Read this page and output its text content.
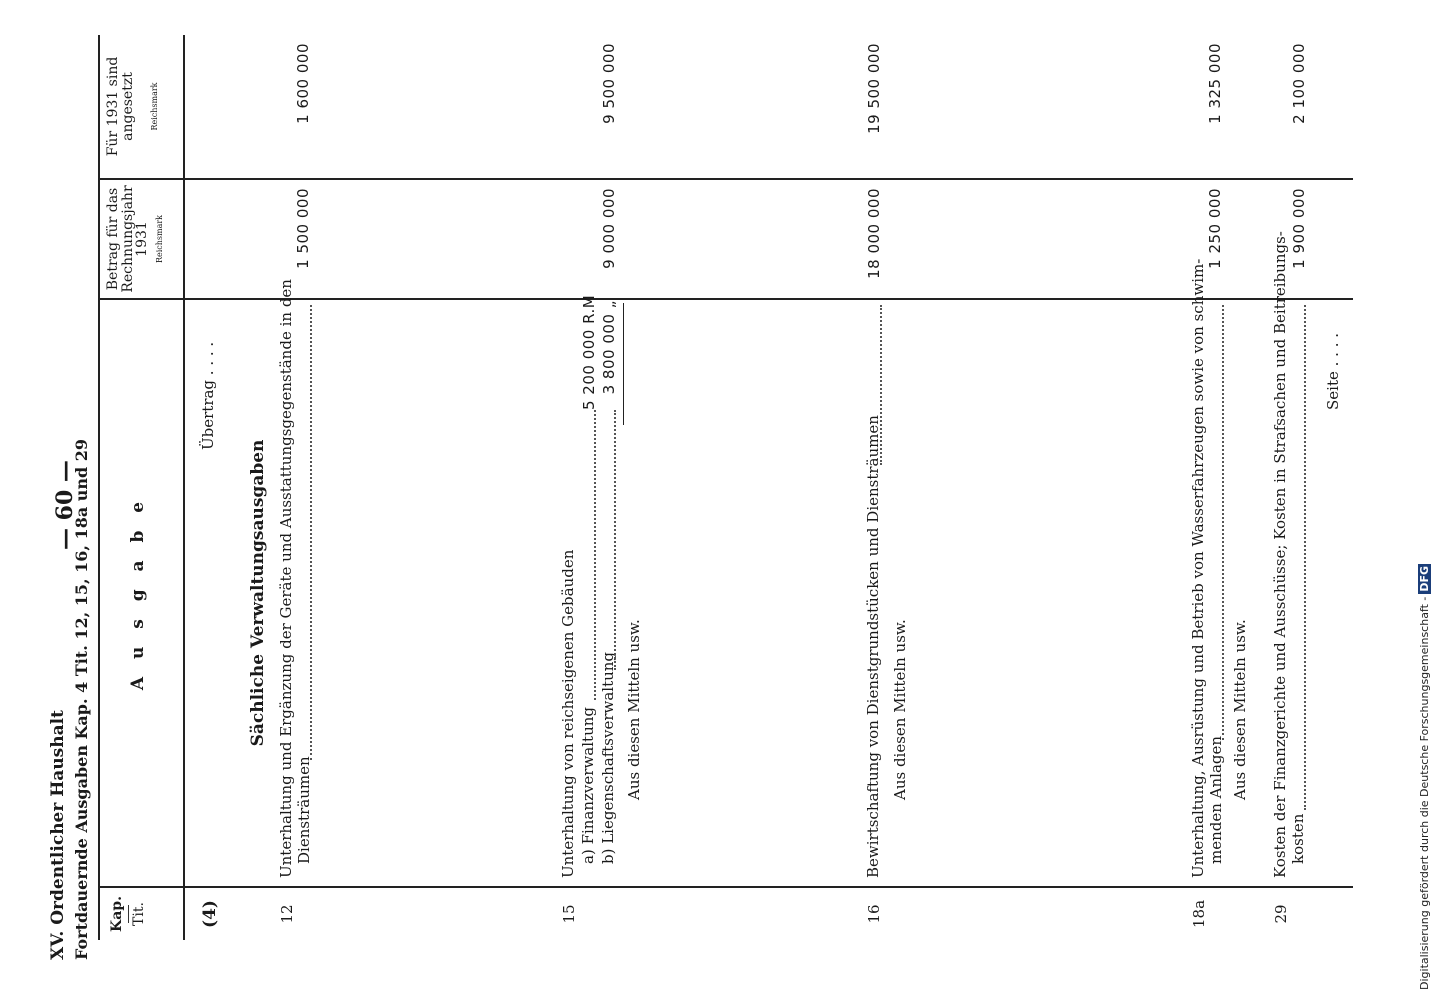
XV. Ordentlicher Haushalt Fortdauernde Ausgaben Kap. 4 Tit. 12, 15, 16, 18a und 29
— 60 —
Kap. Tit.
A u s g a b e
Betrag für das Rechnungsjahr 1931 Reichsmark
Für 1931 sind angesetzt Reichsmark
(4)
Übertrag . . . .
Sächliche Verwaltungsausgaben
12
Unterhaltung und Ergänzung der Geräte und Ausstattungsgegenstände in den Diensträumen
1 500 000
1 600 000
15
Unterhaltung von reichseigenen Gebäuden a) Finanzverwaltung
5 200 000 R.M
b) Liegenschaftsverwaltung
3 800 000 „
Aus diesen Mitteln usw.
9 000 000
9 500 000
16
Bewirtschaftung von Dienstgrundstücken und Diensträumen Aus diesen Mitteln usw.
18 000 000
19 500 000
18a
Unterhaltung, Ausrüstung und Betrieb von Wasserfahrzeugen sowie von schwim- menden Anlagen Aus diesen Mitteln usw.
1 250 000
1 325 000
29
Kosten der Finanzgerichte und Ausschüsse; Kosten in Strafsachen und Beitreibungs- kosten
1 900 000
2 100 000
Seite . . . .
Digitalisierung gefördert durch die Deutsche Forschungsgemeinschaft -DFG
